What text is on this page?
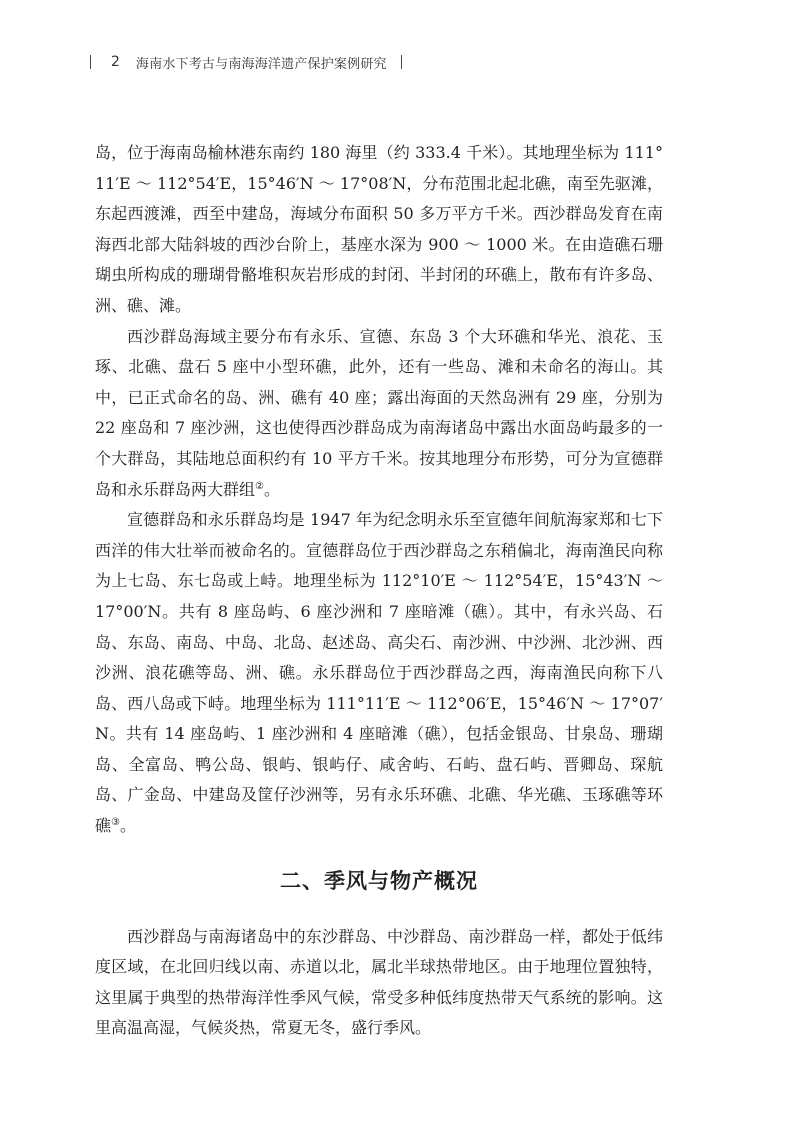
2 海南水下考古与南海海洋遗产保护案例研究

岛，位于海南岛榆林港东南约 180 海里（约 333.4 千米）。其地理坐标为 111°11′E ～ 112°54′E，15°46′N ～ 17°08′N，分布范围北起北礁，南至先驱滩，东起西渡滩，西至中建岛，海域分布面积 50 多万平方千米。西沙群岛发育在南海西北部大陆斜坡的西沙台阶上，基座水深为 900 ～ 1000 米。在由造礁石珊瑚虫所构成的珊瑚骨骼堆积灰岩形成的封闭、半封闭的环礁上，散布有许多岛、洲、礁、滩。

西沙群岛海域主要分布有永乐、宣德、东岛 3 个大环礁和华光、浪花、玉琢、北礁、盘石 5 座中小型环礁，此外，还有一些岛、滩和未命名的海山。其中，已正式命名的岛、洲、礁有 40 座；露出海面的天然岛洲有 29 座，分别为 22 座岛和 7 座沙洲，这也使得西沙群岛成为南海诸岛中露出水面岛屿最多的一个大群岛，其陆地总面积约有 10 平方千米。按其地理分布形势，可分为宣德群岛和永乐群岛两大群组②。

宣德群岛和永乐群岛均是 1947 年为纪念明永乐至宣德年间航海家郑和七下西洋的伟大壮举而被命名的。宣德群岛位于西沙群岛之东稍偏北，海南渔民向称为上七岛、东七岛或上峙。地理坐标为 112°10′E ～ 112°54′E，15°43′N ～ 17°00′N。共有 8 座岛屿、6 座沙洲和 7 座暗滩（礁）。其中，有永兴岛、石岛、东岛、南岛、中岛、北岛、赵述岛、高尖石、南沙洲、中沙洲、北沙洲、西沙洲、浪花礁等岛、洲、礁。永乐群岛位于西沙群岛之西，海南渔民向称下八岛、西八岛或下峙。地理坐标为 111°11′E ～ 112°06′E，15°46′N ～ 17°07′N。共有 14 座岛屿、1 座沙洲和 4 座暗滩（礁），包括金银岛、甘泉岛、珊瑚岛、全富岛、鸭公岛、银屿、银屿仔、咸舍屿、石屿、盘石屿、晋卿岛、琛航岛、广金岛、中建岛及筐仔沙洲等，另有永乐环礁、北礁、华光礁、玉琢礁等环礁③。

二、季风与物产概况

西沙群岛与南海诸岛中的东沙群岛、中沙群岛、南沙群岛一样，都处于低纬度区域，在北回归线以南、赤道以北，属北半球热带地区。由于地理位置独特，这里属于典型的热带海洋性季风气候，常受多种低纬度热带天气系统的影响。这里高温高湿，气候炎热，常夏无冬，盛行季风。
